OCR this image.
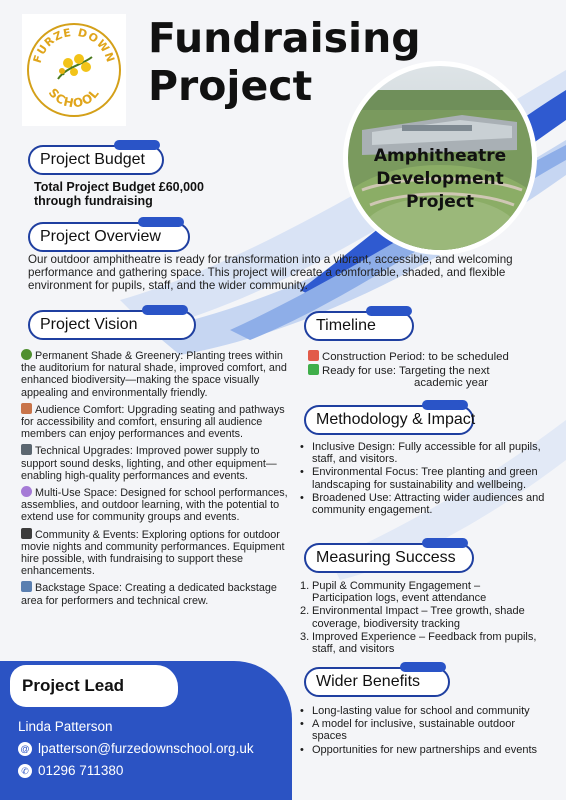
FURZE DOWN
SCHOOL
Fundraising
Project
Amphitheatre
Development
Project
Project Budget
Total Project Budget £60,000
through fundraising
Project Overview
Our outdoor amphitheatre is ready for transformation into a vibrant, accessible, and welcoming performance and gathering space. This project will create a comfortable, shaded, and flexible environment for pupils, staff, and the wider community.
Project Vision

Permanent Shade & Greenery: Planting trees within the auditorium for natural shade, improved comfort, and enhanced biodiversity—making the space visually appealing and environmentally friendly.

Audience Comfort: Upgrading seating and pathways for accessibility and comfort, ensuring all audience members can enjoy performances and events.

Technical Upgrades: Improved power supply to support sound desks, lighting, and other equipment—enabling high-quality performances and events.

Multi-Use Space: Designed for school performances, assemblies, and outdoor learning, with the potential to extend use for community groups and events.

Community & Events: Exploring options for outdoor movie nights and community performances. Equipment hire possible, with fundraising to support these enhancements.

Backstage Space: Creating a dedicated backstage area for performers and technical crew.

Timeline
Construction Period: to be scheduled
Ready for use: Targeting the next
academic year
Methodology & Impact
• Inclusive Design: Fully accessible for all pupils, staff, and visitors.
• Environmental Focus: Tree planting and green landscaping for sustainability and wellbeing.
• Broadened Use: Attracting wider audiences and community engagement.
Measuring Success
1. Pupil & Community Engagement – Participation logs, event attendance
2. Environmental Impact – Tree growth, shade coverage, biodiversity tracking
3. Improved Experience – Feedback from pupils, staff, and visitors
Wider Benefits
• Long-lasting value for school and community
• A model for inclusive, sustainable outdoor spaces
• Opportunities for new partnerships and events
Project Lead
Linda Patterson
@ lpatterson@furzedownschool.org.uk
✆ 01296 711380
